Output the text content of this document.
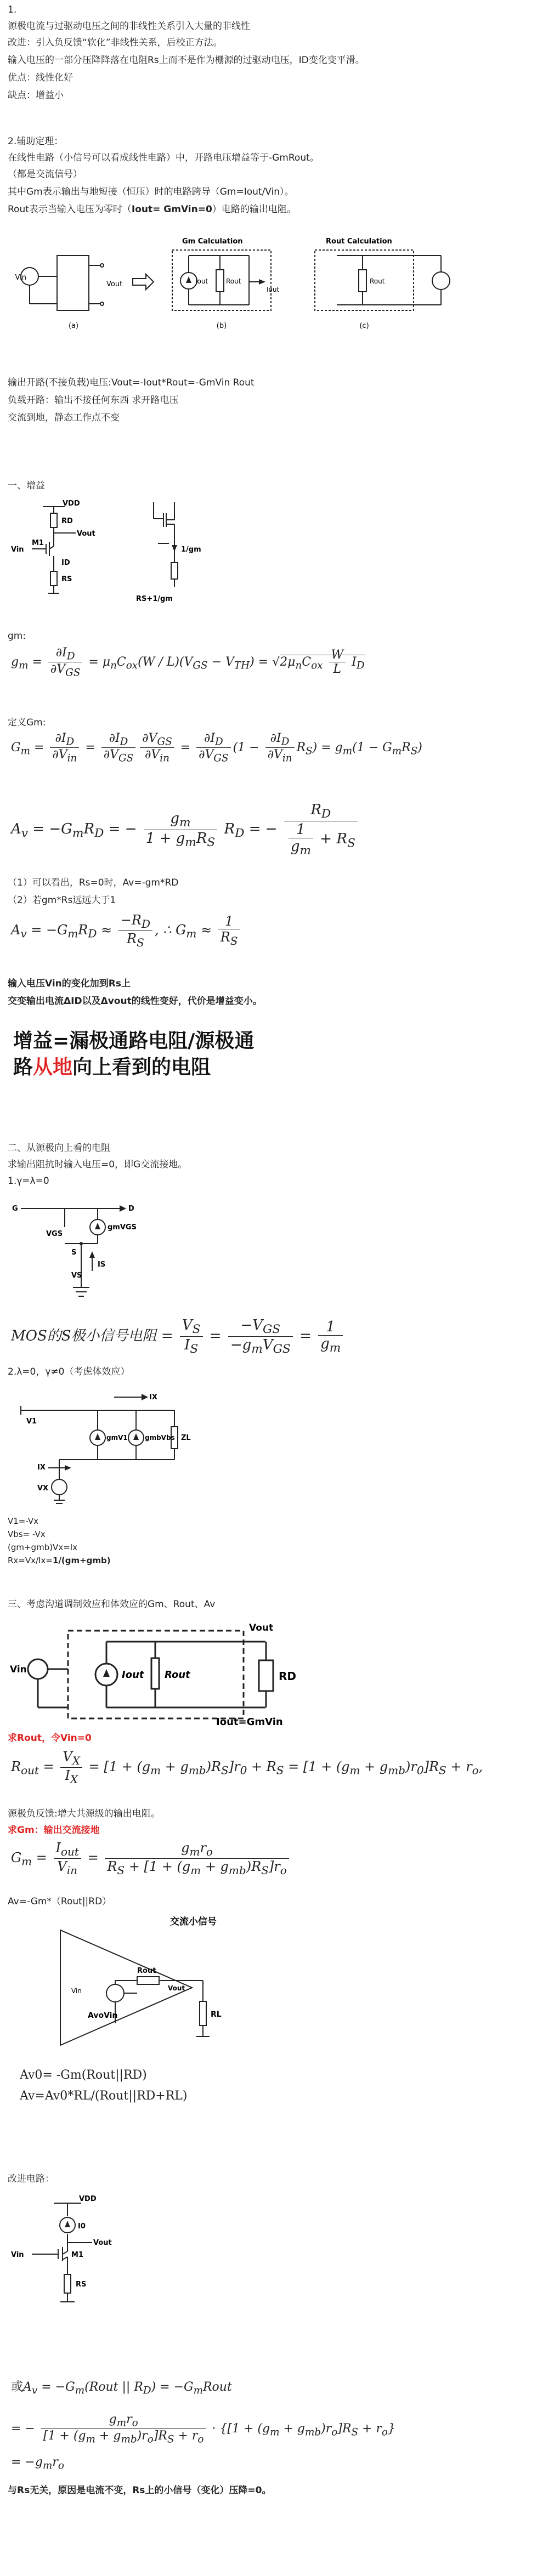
1.
源极电流与过驱动电压之间的非线性关系引入大量的非线性
改进：引入负反馈“软化”非线性关系，后校正方法。
输入电压的一部分压降降落在电阻Rs上而不是作为栅源的过驱动电压，ID变化变平滑。
优点：线性化好
缺点：增益小
2.辅助定理：
在线性电路（小信号可以看成线性电路）中，开路电压增益等于-GmRout。
（都是交流信号）
其中Gm表示输出与地短接（恒压）时的电路跨导（Gm=Iout/Vin）。
Rout表示当输入电压为零时（Iout= GmVin=0）电路的输出电阻。
Vin
Vout	Iout	Rout
Iout
Gm Calculation
Rout
Rout Calculation
(a)	(b)	(c)
输出开路(不接负载)电压:Vout=-Iout*Rout=-GmVin Rout
负载开路：输出不接任何东西 求开路电压
交流到地，静态工作点不变
一、增益
VDD
RD
Vout
M1
Vin
ID
RS
1/gm
RS+1/gm
gm:
$g_m = \frac{\partial I_D}{\partial V_{GS}} = \mu_nC_{ox}(W / L)(V_{GS} - V_{TH}) = √2\mu_nC_{ox} \frac{W}{L} I_D$
定义Gm:
$G_m = \frac{\partial I_D}{\partial V_{in}} = \frac{\partial I_D}{\partial V_{GS}} \frac{\partial V_{GS}}{\partial V_{in}} = \frac{\partial I_D}{\partial V_{GS}} (1 - \frac{\partial I_D}{\partial V_{in}} R_S) = g_m(1 - G_mR_S)$
$A_v = -G_mR_D$ = − $\frac{g_m}{1 + g_mR_S} R_D$ = − $\frac{R_D}{\frac{1}{g_m} + R_S}$
（1）可以看出，Rs=0时，Av=-gm*RD
（2）若gm*Rs远远大于1
$A_v = -G_mR_D \approx \frac{-R_D}{R_S}$ , ∴ $G_m \approx \frac{1}{R_S}$
输入电压Vin的变化加到Rs上
交变输出电流ΔID以及Δvout的线性变好，代价是增益变小。
增益=漏极通路电阻/源极通
路从地向上看到的电阻
二、从源极向上看的电阻
求输出阻抗时输入电压=0，即G交流接地。
1.γ=λ=0
G	D
VGS
gmVGS
S
IS
VS
MOS的S极小信号电阻 = $\frac{V_S}{I_S} = \frac{-V_{GS}}{-g_mV_{GS}} = \frac{1}{g_m}$
2.λ=0，γ≠0（考虑体效应）
IX
V1
gmV1	gmbVbs ZL
IX
VX
V1=-Vx
Vbs= -Vx
(gm+gmb)Vx=Ix
Rx=Vx/Ix=1/(gm+gmb)
三、考虑沟道调制效应和体效应的Gm、Rout、Av
Vin	Iout Rout	RD
Vout
Iout=GmVin
求Rout，令Vin=0
$R_{out} = \frac{V_X}{I_X} = [1 + (g_m + g_{mb})R_S]r_0 + R_S = [1 + (g_m + g_{mb})r_0]R_S + r_o$,
源极负反馈:增大共源级的输出电阻。
求Gm：输出交流接地
$G_m = \frac{I_{out}}{V_{in}} = \frac{g_mr_o}{R_S + [1 + (g_m + g_{mb})R_S]r_o}$
Av=-Gm*（Rout||RD）
交流小信号
Vin
Rout
Vout
AvoVin	RL
Av0= -Gm(Rout||RD)
Av=Av0*RL/(Rout||RD+RL)
改进电路：
VDD
I0
Vout
Vin	M1
RS
或$A_v$ = $-G_m(Rout$ || $R_D$) = $-G_mRout$
= − $\frac{g_mr_o}{[1 + (g_m + g_{mb})r_o]R_S + r_o} \cdot \{[1 + (g_m + g_{mb})r_o]R_S + r_o\}$
= $-g_mr_o$
与Rs无关，原因是电流不变，Rs上的小信号（变化）压降=0。
